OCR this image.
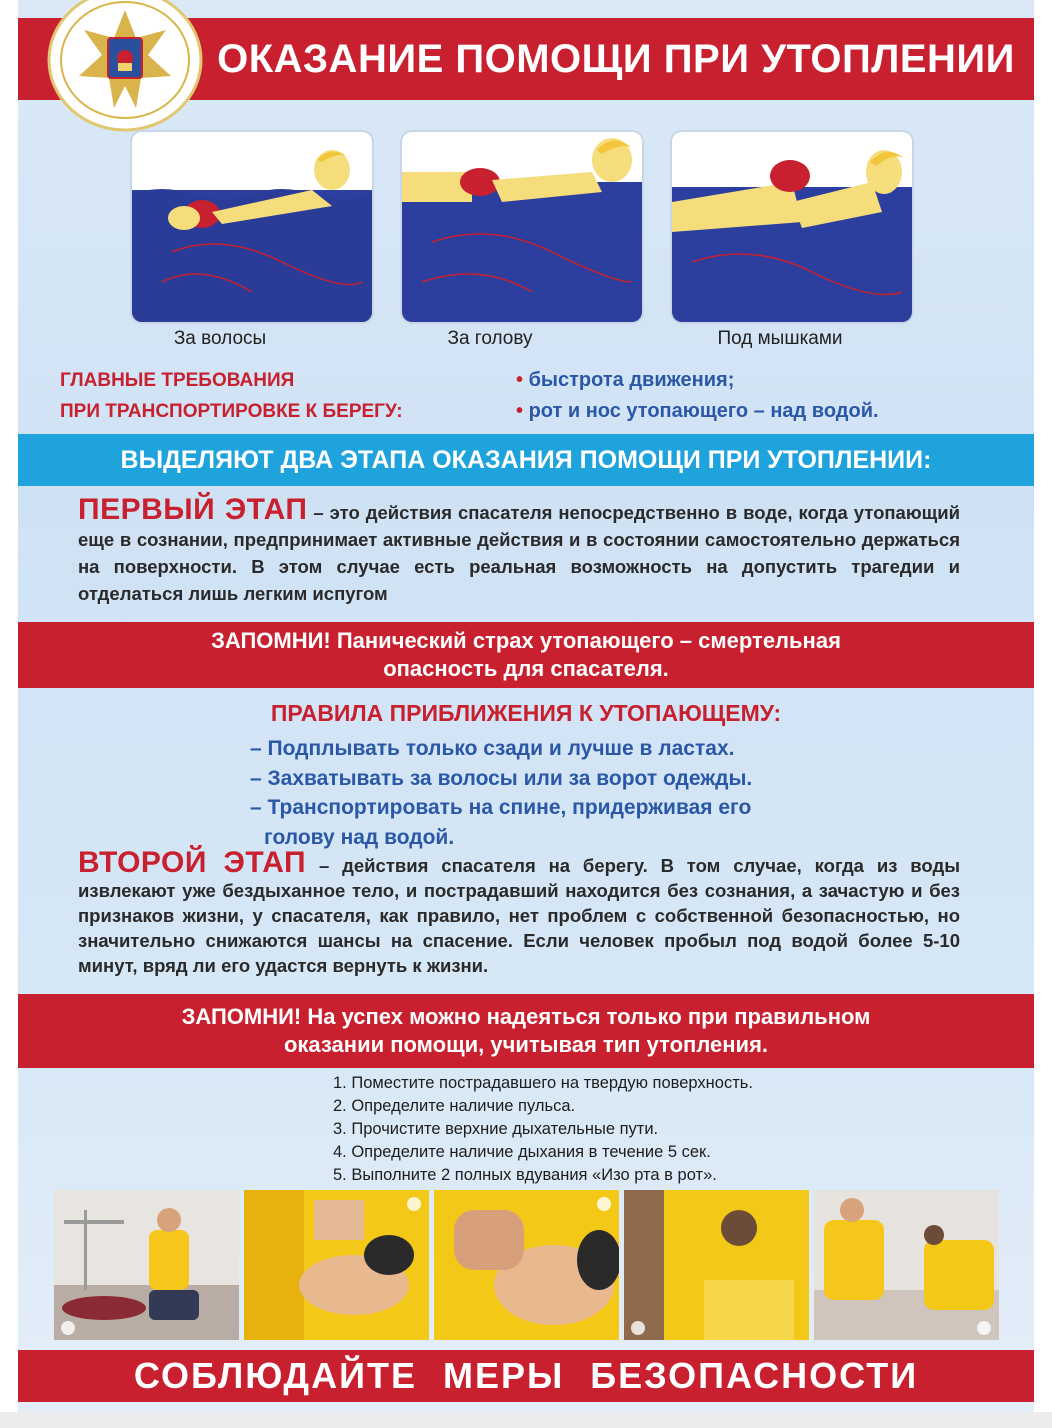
ОКАЗАНИЕ ПОМОЩИ ПРИ УТОПЛЕНИИ
За волосы	За голову	Под мышками
ГЛАВНЫЕ ТРЕБОВАНИЯ
ПРИ ТРАНСПОРТИРОВКЕ К БЕРЕГУ:
• быстрота движения;
• рот и нос утопающего – над водой.
ВЫДЕЛЯЮТ ДВА ЭТАПА ОКАЗАНИЯ ПОМОЩИ ПРИ УТОПЛЕНИИ:
ПЕРВЫЙ ЭТАП – это действия спасателя непосредственно в воде, когда утопающий еще в сознании, предпринимает активные действия и в состоянии самостоятельно держаться на поверхности. В этом случае есть реальная возможность на допустить трагедии и отделаться лишь легким испугом
ЗАПОМНИ! Панический страх утопающего – смертельная
опасность для спасателя.
ПРАВИЛА ПРИБЛИЖЕНИЯ К УТОПАЮЩЕМУ:
– Подплывать только сзади и лучше в ластах.
– Захватывать за волосы или за ворот одежды.
– Транспортировать на спине, придерживая его
голову над водой.
ВТОРОЙ ЭТАП – действия спасателя на берегу. В том случае, когда из воды извлекают уже бездыханное тело, и пострадавший находится без сознания, а зачастую и без признаков жизни, у спасателя, как правило, нет проблем с собственной безопасностью, но значительно снижаются шансы на спасение. Если человек пробыл под водой более 5-10 минут, вряд ли его удастся вернуть к жизни.
ЗАПОМНИ! На успех можно надеяться только при правильном
оказании помощи, учитывая тип утопления.
1. Поместите пострадавшего на твердую поверхность.
2. Определите наличие пульса.
3. Прочистите верхние дыхательные пути.
4. Определите наличие дыхания в течение 5 сек.
5. Выполните 2 полных вдувания «Изо рта в рот».
СОБЛЮДАЙТЕ МЕРЫ БЕЗОПАСНОСТИ
